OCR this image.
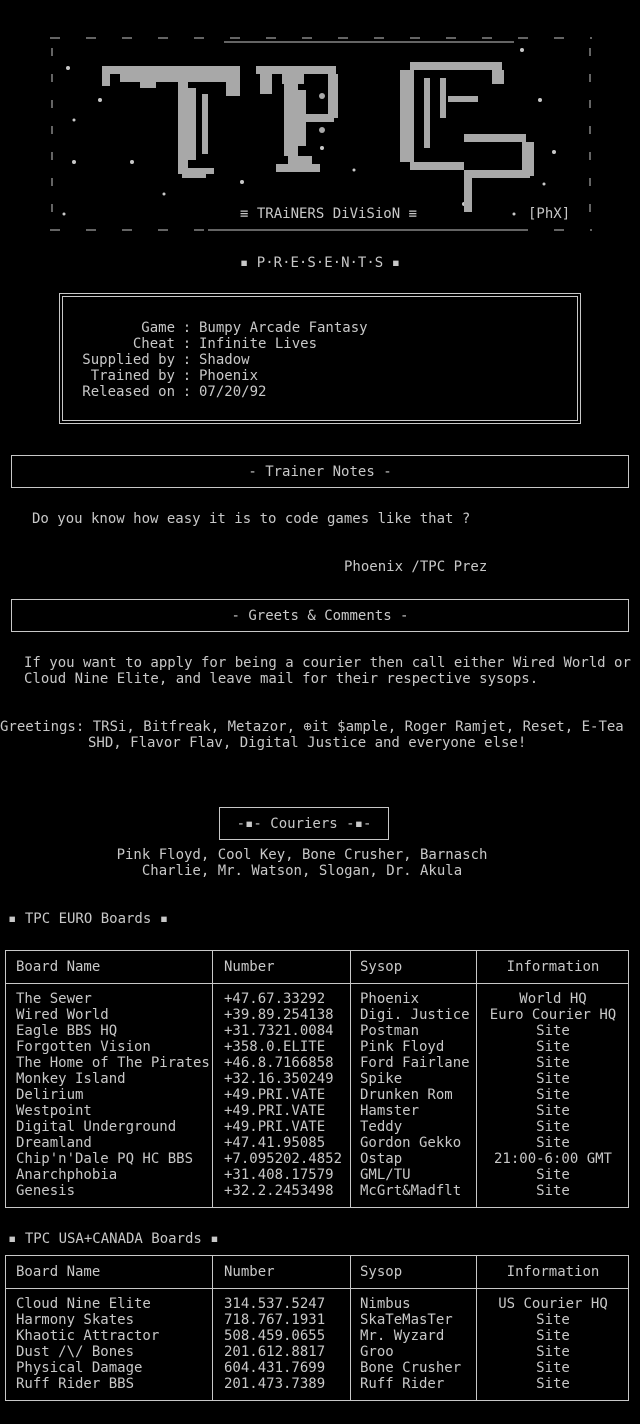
≡ TRAiNERS DiViSioN ≡	[PhX]
▪ P·R·E·S·E·N·T·S ▪
Game : Bumpy Arcade Fantasy
Cheat : Infinite Lives
Supplied by : Shadow
Trained by : Phoenix
Released on : 07/20/92
- Trainer Notes -
Do you know how easy it is to code games like that ?
Phoenix /TPC Prez
- Greets & Comments -
If you want to apply for being a courier then call either Wired World or
Cloud Nine Elite, and leave mail for their respective sysops.
Greetings: TRSi, Bitfreak, Metazor, ⊕it $ample, Roger Ramjet, Reset, E-Tea
SHD, Flavor Flav, Digital Justice and everyone else!
-▪- Couriers -▪-
Pink Floyd, Cool Key, Bone Crusher, Barnasch
Charlie, Mr. Watson, Slogan, Dr. Akula
▪ TPC EURO Boards ▪
Board Name	Number	Sysop	Information
The Sewer	+47.67.33292 Phoenix	World HQ
Wired World	+39.89.254138 Digi. Justice	Euro Courier HQ
Eagle BBS HQ	+31.7321.0084 Postman	Site
Forgotten Vision	+358.0.ELITE Pink Floyd	Site
The Home of The Pirates +46.8.7166858 Ford Fairlane	Site
Monkey Island	+32.16.350249 Spike	Site
Delirium	+49.PRI.VATE Drunken Rom	Site
Westpoint	+49.PRI.VATE Hamster	Site
Digital Underground	+49.PRI.VATE Teddy	Site
Dreamland	+47.41.95085 Gordon Gekko	Site
Chip'n'Dale PQ HC BBS +7.095202.4852 Ostap	21:00-6:00 GMT
Anarchphobia	+31.408.17579 GML/TU	Site
Genesis	+32.2.2453498 McGrt&Madflt	Site
▪ TPC USA+CANADA Boards ▪
Board Name	Number	Sysop	Information
Cloud Nine Elite	314.537.5247 Nimbus	US Courier HQ
Harmony Skates	718.767.1931 SkaTeMasTer	Site
Khaotic Attractor	508.459.0655 Mr. Wyzard	Site
Dust /\/ Bones	201.612.8817 Groo	Site
Physical Damage	604.431.7699 Bone Crusher	Site
Ruff Rider BBS	201.473.7389 Ruff Rider	Site
